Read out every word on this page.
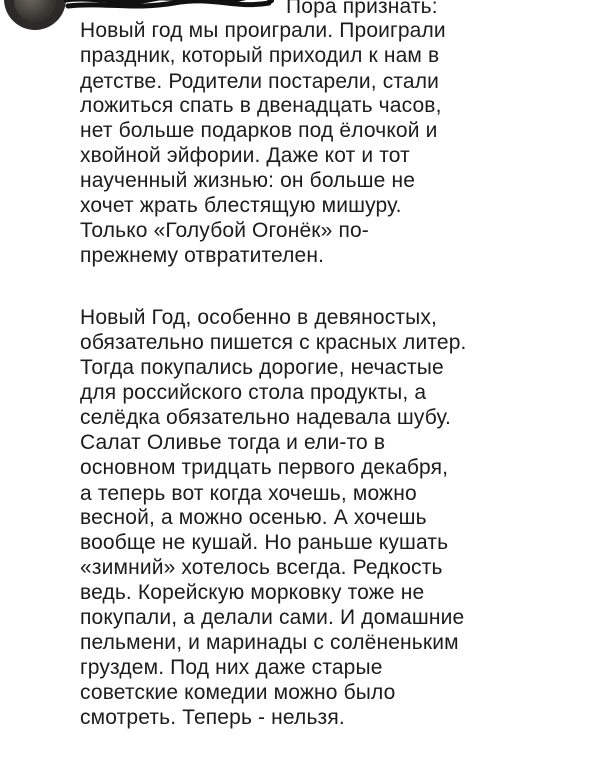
Пора признать:
Новый год мы проиграли. Проиграли
праздник, который приходил к нам в
детстве. Родители постарели, стали
ложиться спать в двенадцать часов,
нет больше подарков под ёлочкой и
хвойной эйфории. Даже кот и тот
наученный жизнью: он больше не
хочет жрать блестящую мишуру.
Только «Голубой Огонёк» по-
прежнему отвратителен.
Новый Год, особенно в девяностых,
обязательно пишется с красных литер.
Тогда покупались дорогие, нечастые
для российского стола продукты, а
селёдка обязательно надевала шубу.
Салат Оливье тогда и ели-то в
основном тридцать первого декабря,
а теперь вот когда хочешь, можно
весной, а можно осенью. А хочешь
вообще не кушай. Но раньше кушать
«зимний» хотелось всегда. Редкость
ведь. Корейскую морковку тоже не
покупали, а делали сами. И домашние
пельмени, и маринады с солёненьким
груздем. Под них даже старые
советские комедии можно было
смотреть. Теперь - нельзя.
